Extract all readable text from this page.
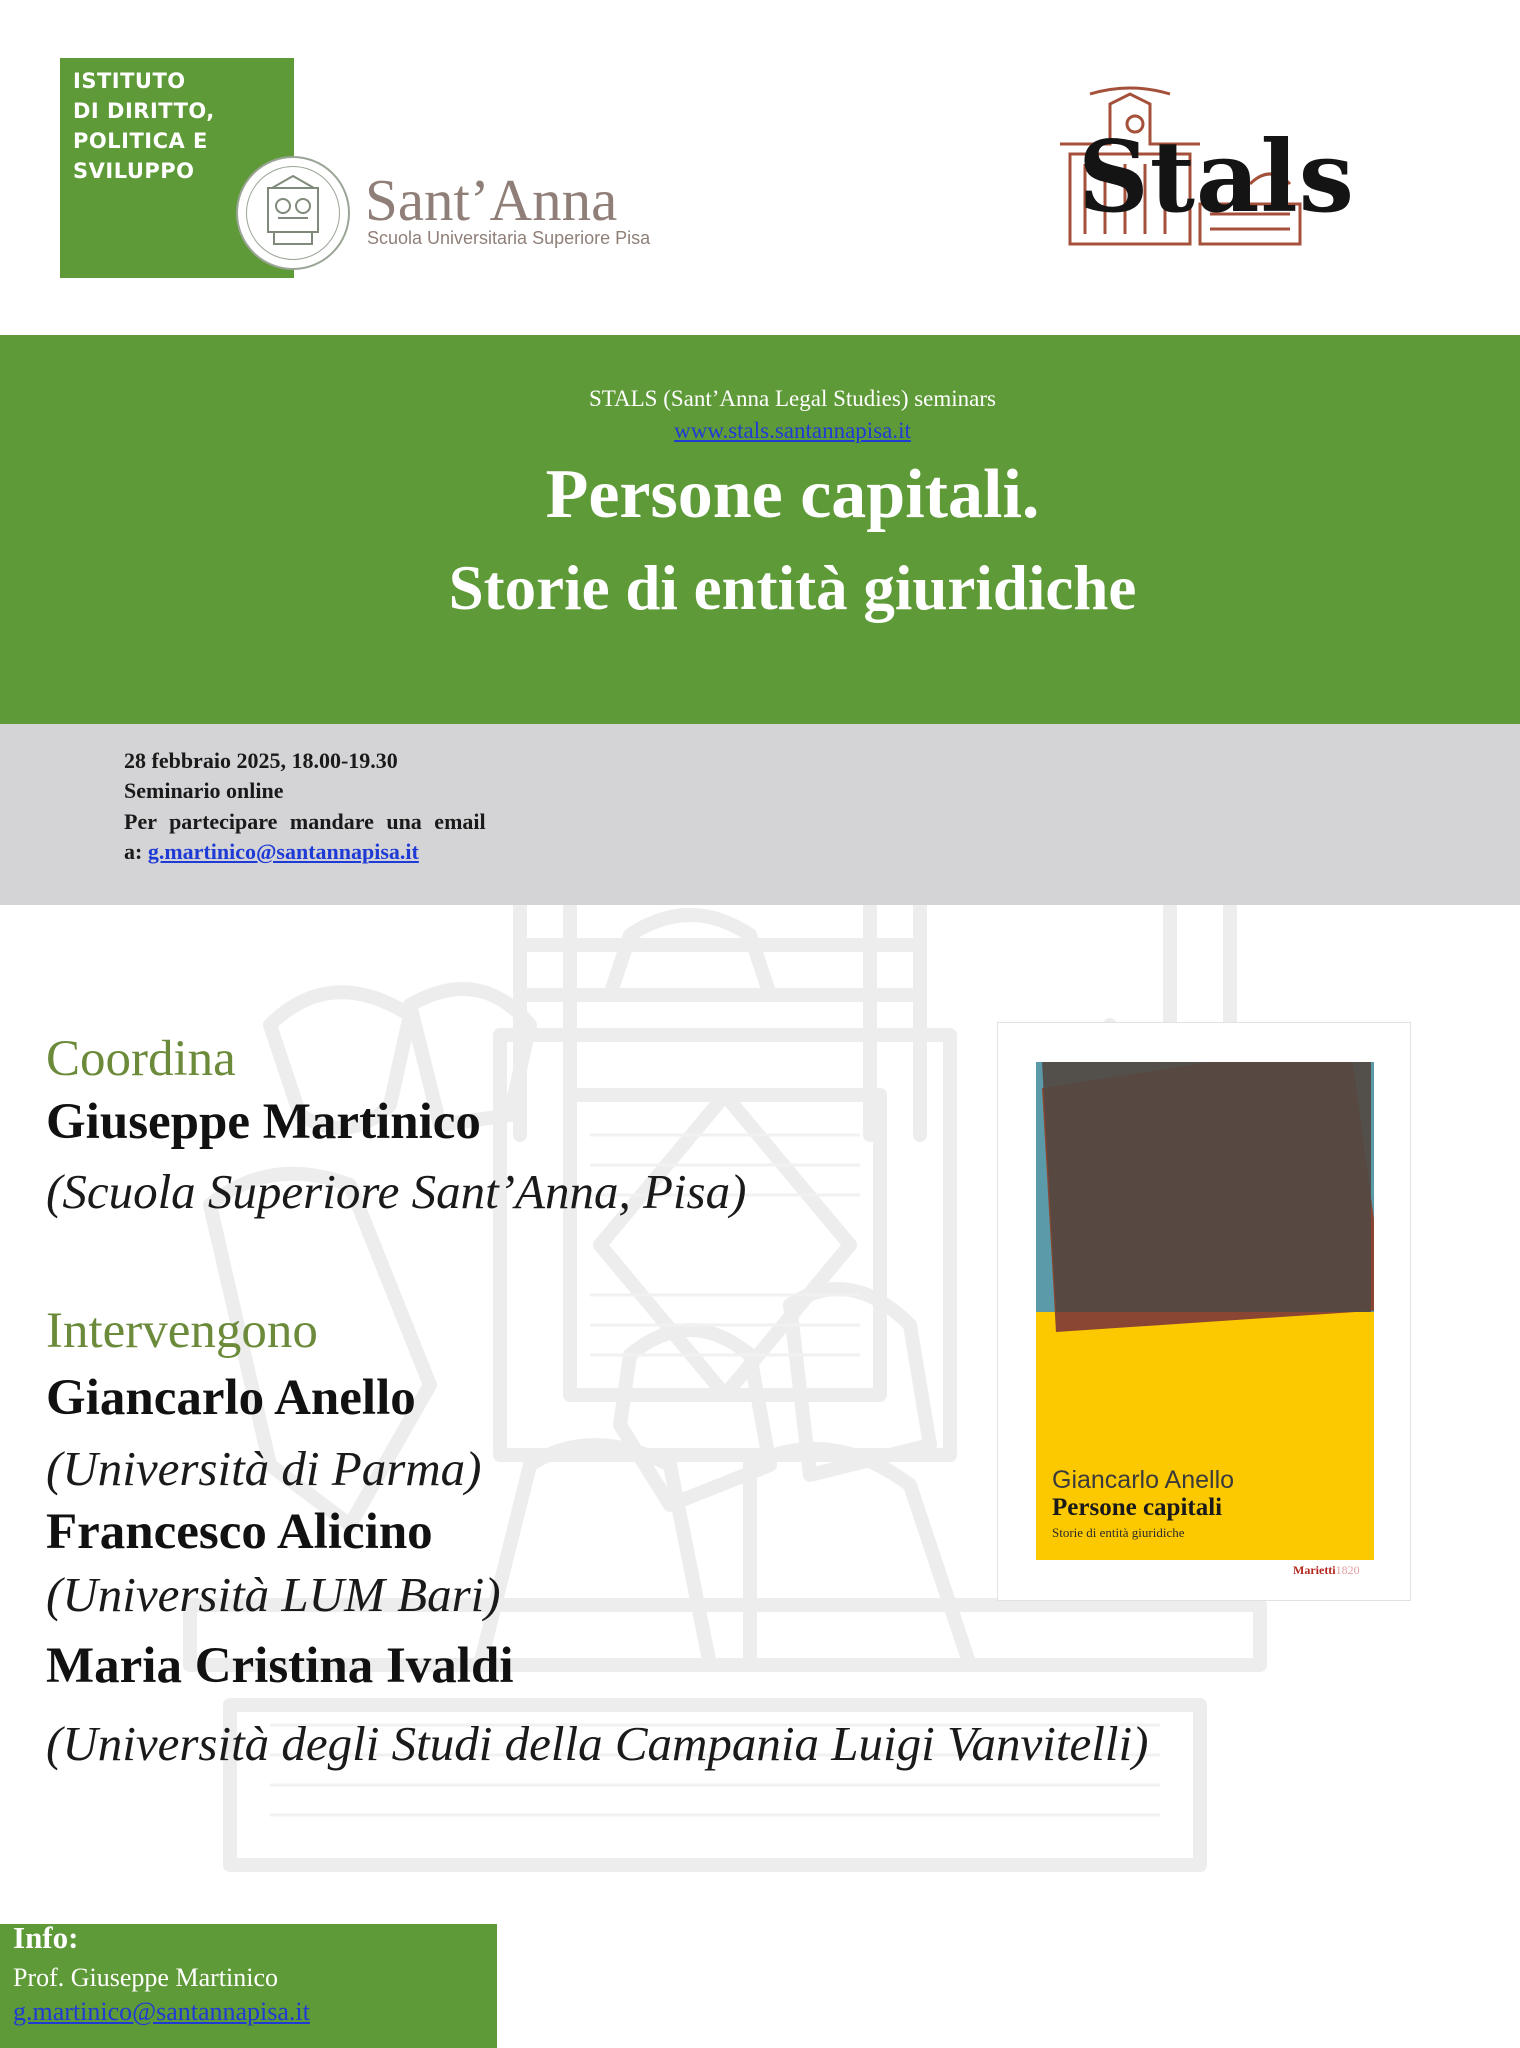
ISTITUTO
DI DIRITTO,
POLITICA E
SVILUPPO	Sant’Anna
Scuola Universitaria Superiore Pisa
Stals
STALS (Sant’Anna Legal Studies) seminars
www.stals.santannapisa.it
Persone capitali.
Storie di entità giuridiche
28 febbraio 2025, 18.00-19.30
Seminario online
Per partecipare mandare una email
a: g.martinico@santannapisa.it
Coordina
Giuseppe Martinico
(Scuola Superiore Sant’Anna, Pisa)
Intervengono
Giancarlo Anello
(Università di Parma)
Francesco Alicino
(Università LUM Bari)
Maria Cristina Ivaldi
(Università degli Studi della Campania Luigi Vanvitelli)
Giancarlo Anello
Persone capitali
Storie di entità giuridiche
Marietti1820
Info:
Prof. Giuseppe Martinico
g.martinico@santannapisa.it
